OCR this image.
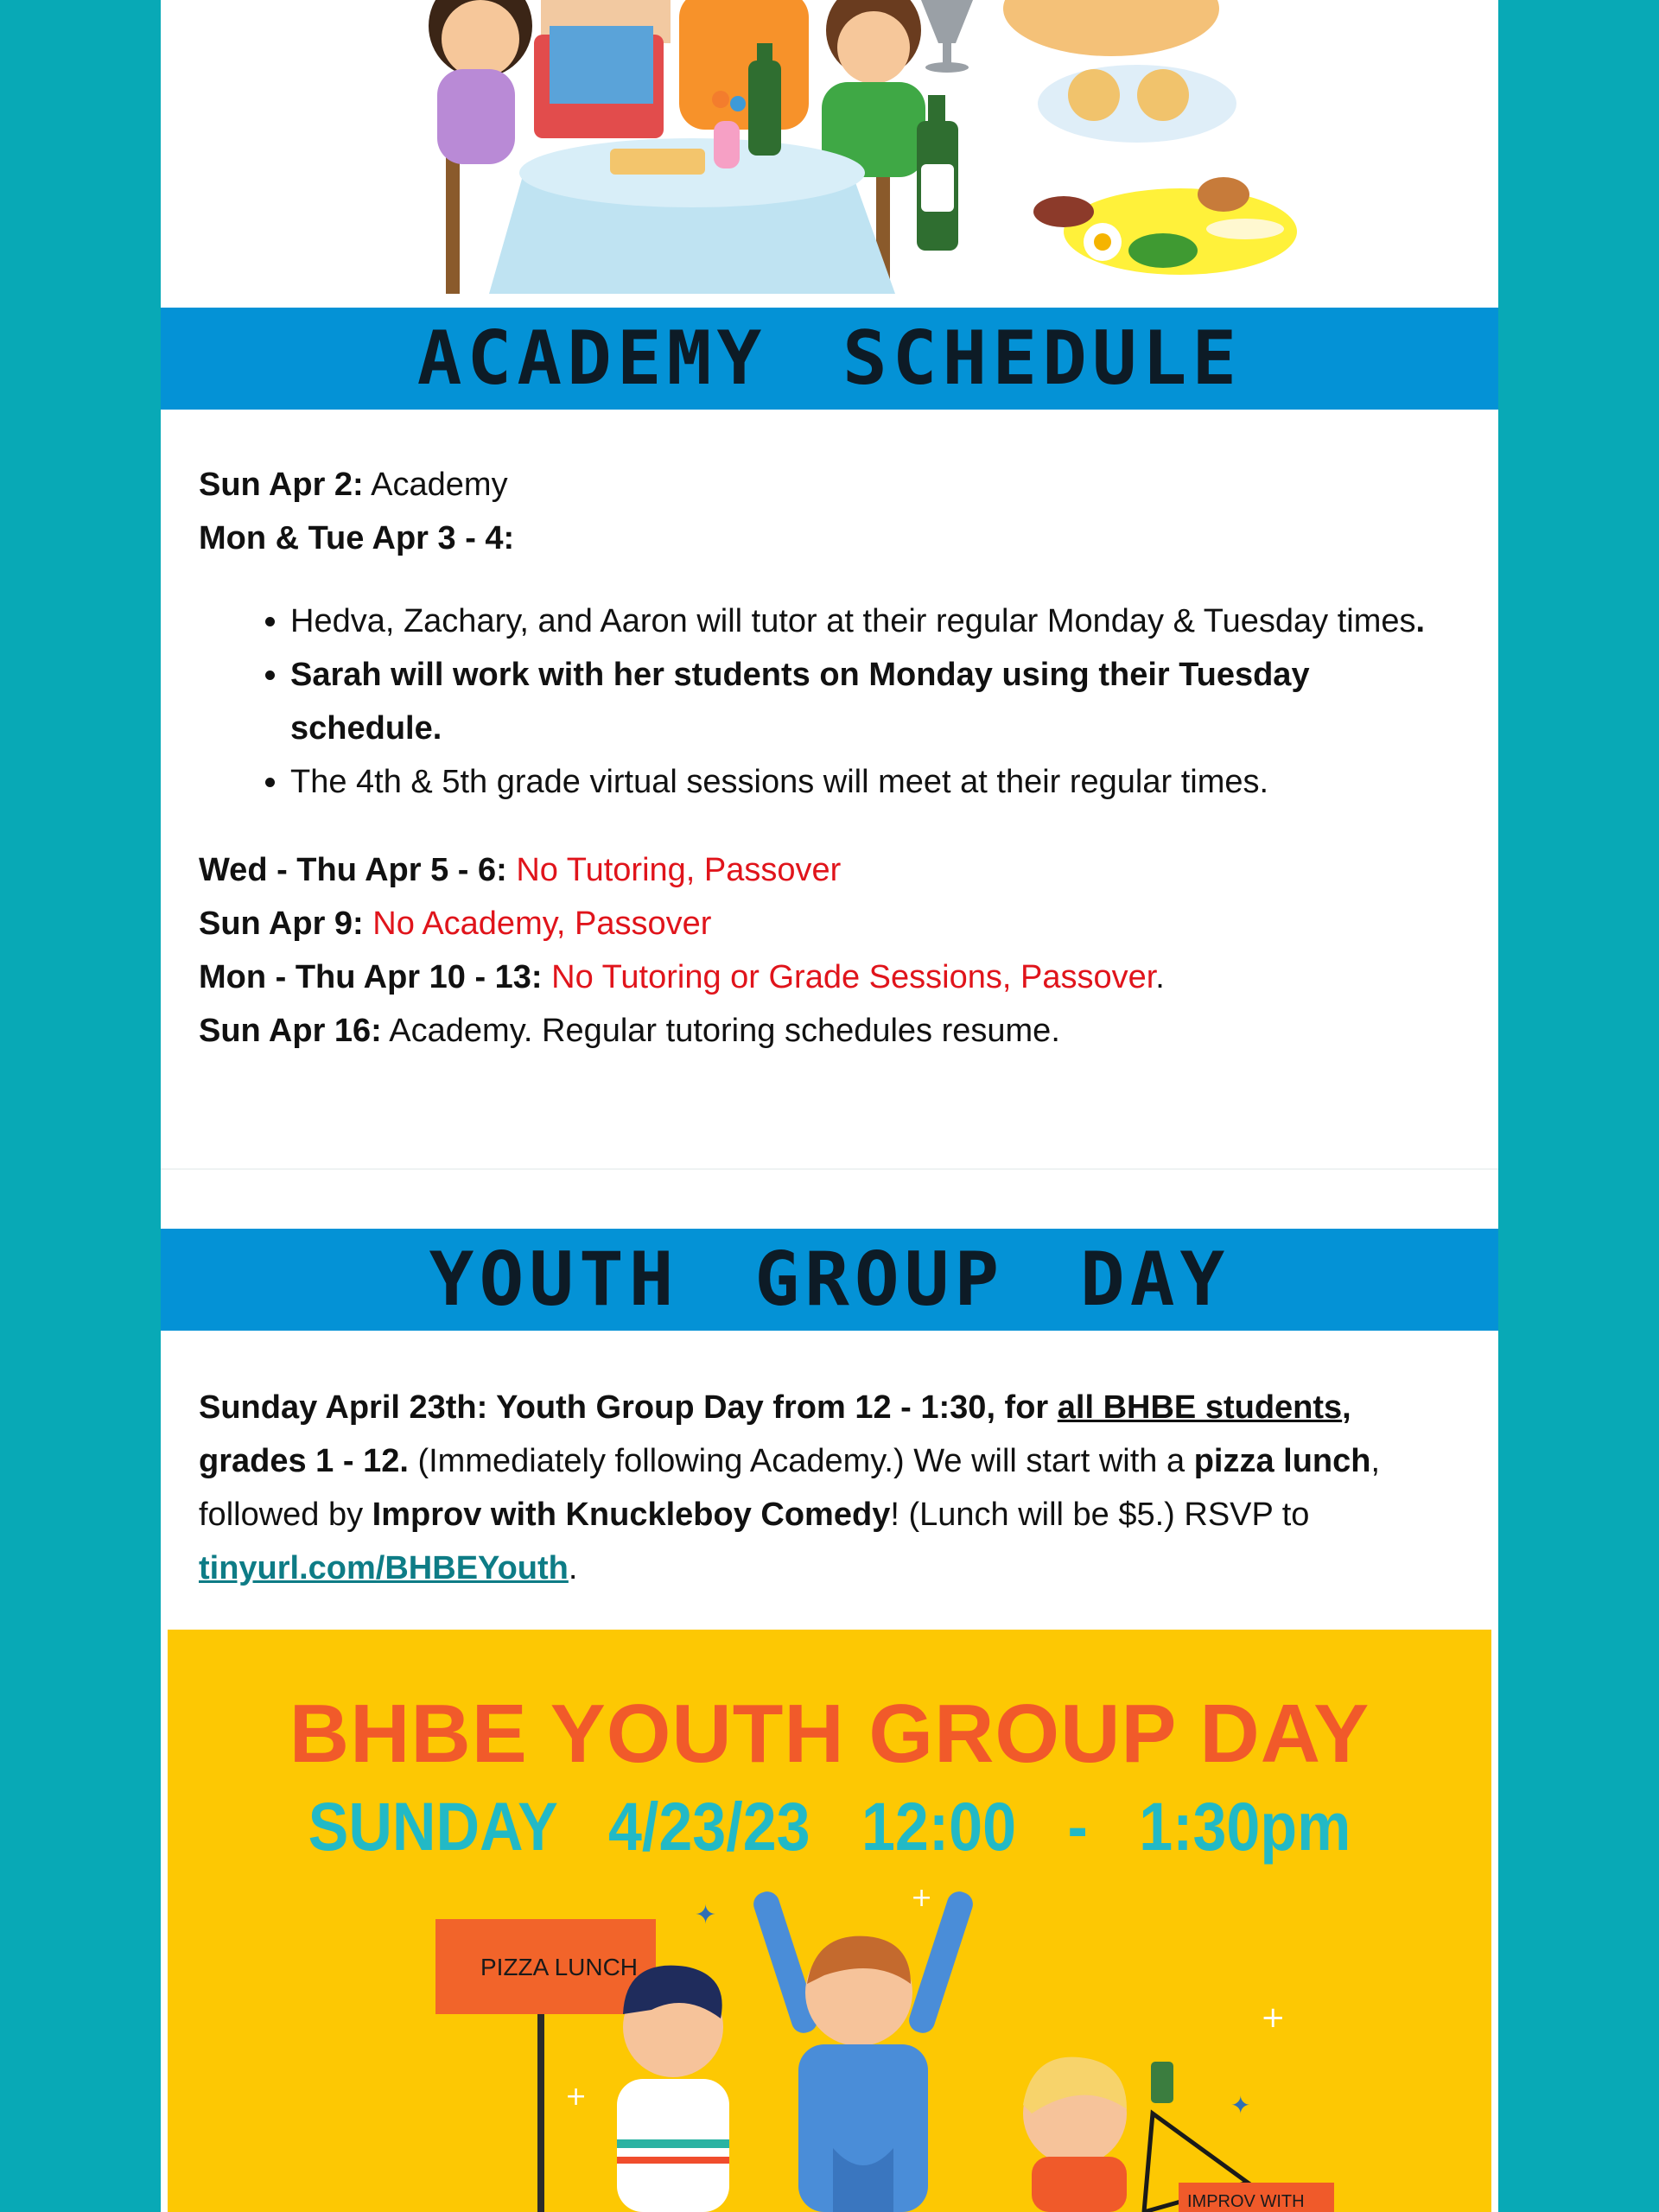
ACADEMY SCHEDULE

Sun Apr 2: Academy

Mon & Tue Apr 3 - 4:

• Hedva, Zachary, and Aaron will tutor at their regular Monday & Tuesday times.
• Sarah will work with her students on Monday using their Tuesday schedule.
• The 4th & 5th grade virtual sessions will meet at their regular times.

Wed - Thu Apr 5 - 6: No Tutoring, Passover

Sun Apr 9: No Academy, Passover

Mon - Thu Apr 10 - 13: No Tutoring or Grade Sessions, Passover.

Sun Apr 16: Academy. Regular tutoring schedules resume.

YOUTH GROUP DAY

Sunday April 23th: Youth Group Day from 12 - 1:30, for all BHBE students, grades 1 - 12. (Immediately following Academy.) We will start with a pizza lunch, followed by Improv with Knuckleboy Comedy! (Lunch will be $5.) RSVP to tinyurl.com/BHBEYouth.

BHBE YOUTH GROUP DAY
SUNDAY 4/23/23 12:00 - 1:30pm
✦
+
+
✦
+
PIZZA LUNCH
IMPROV WITH
